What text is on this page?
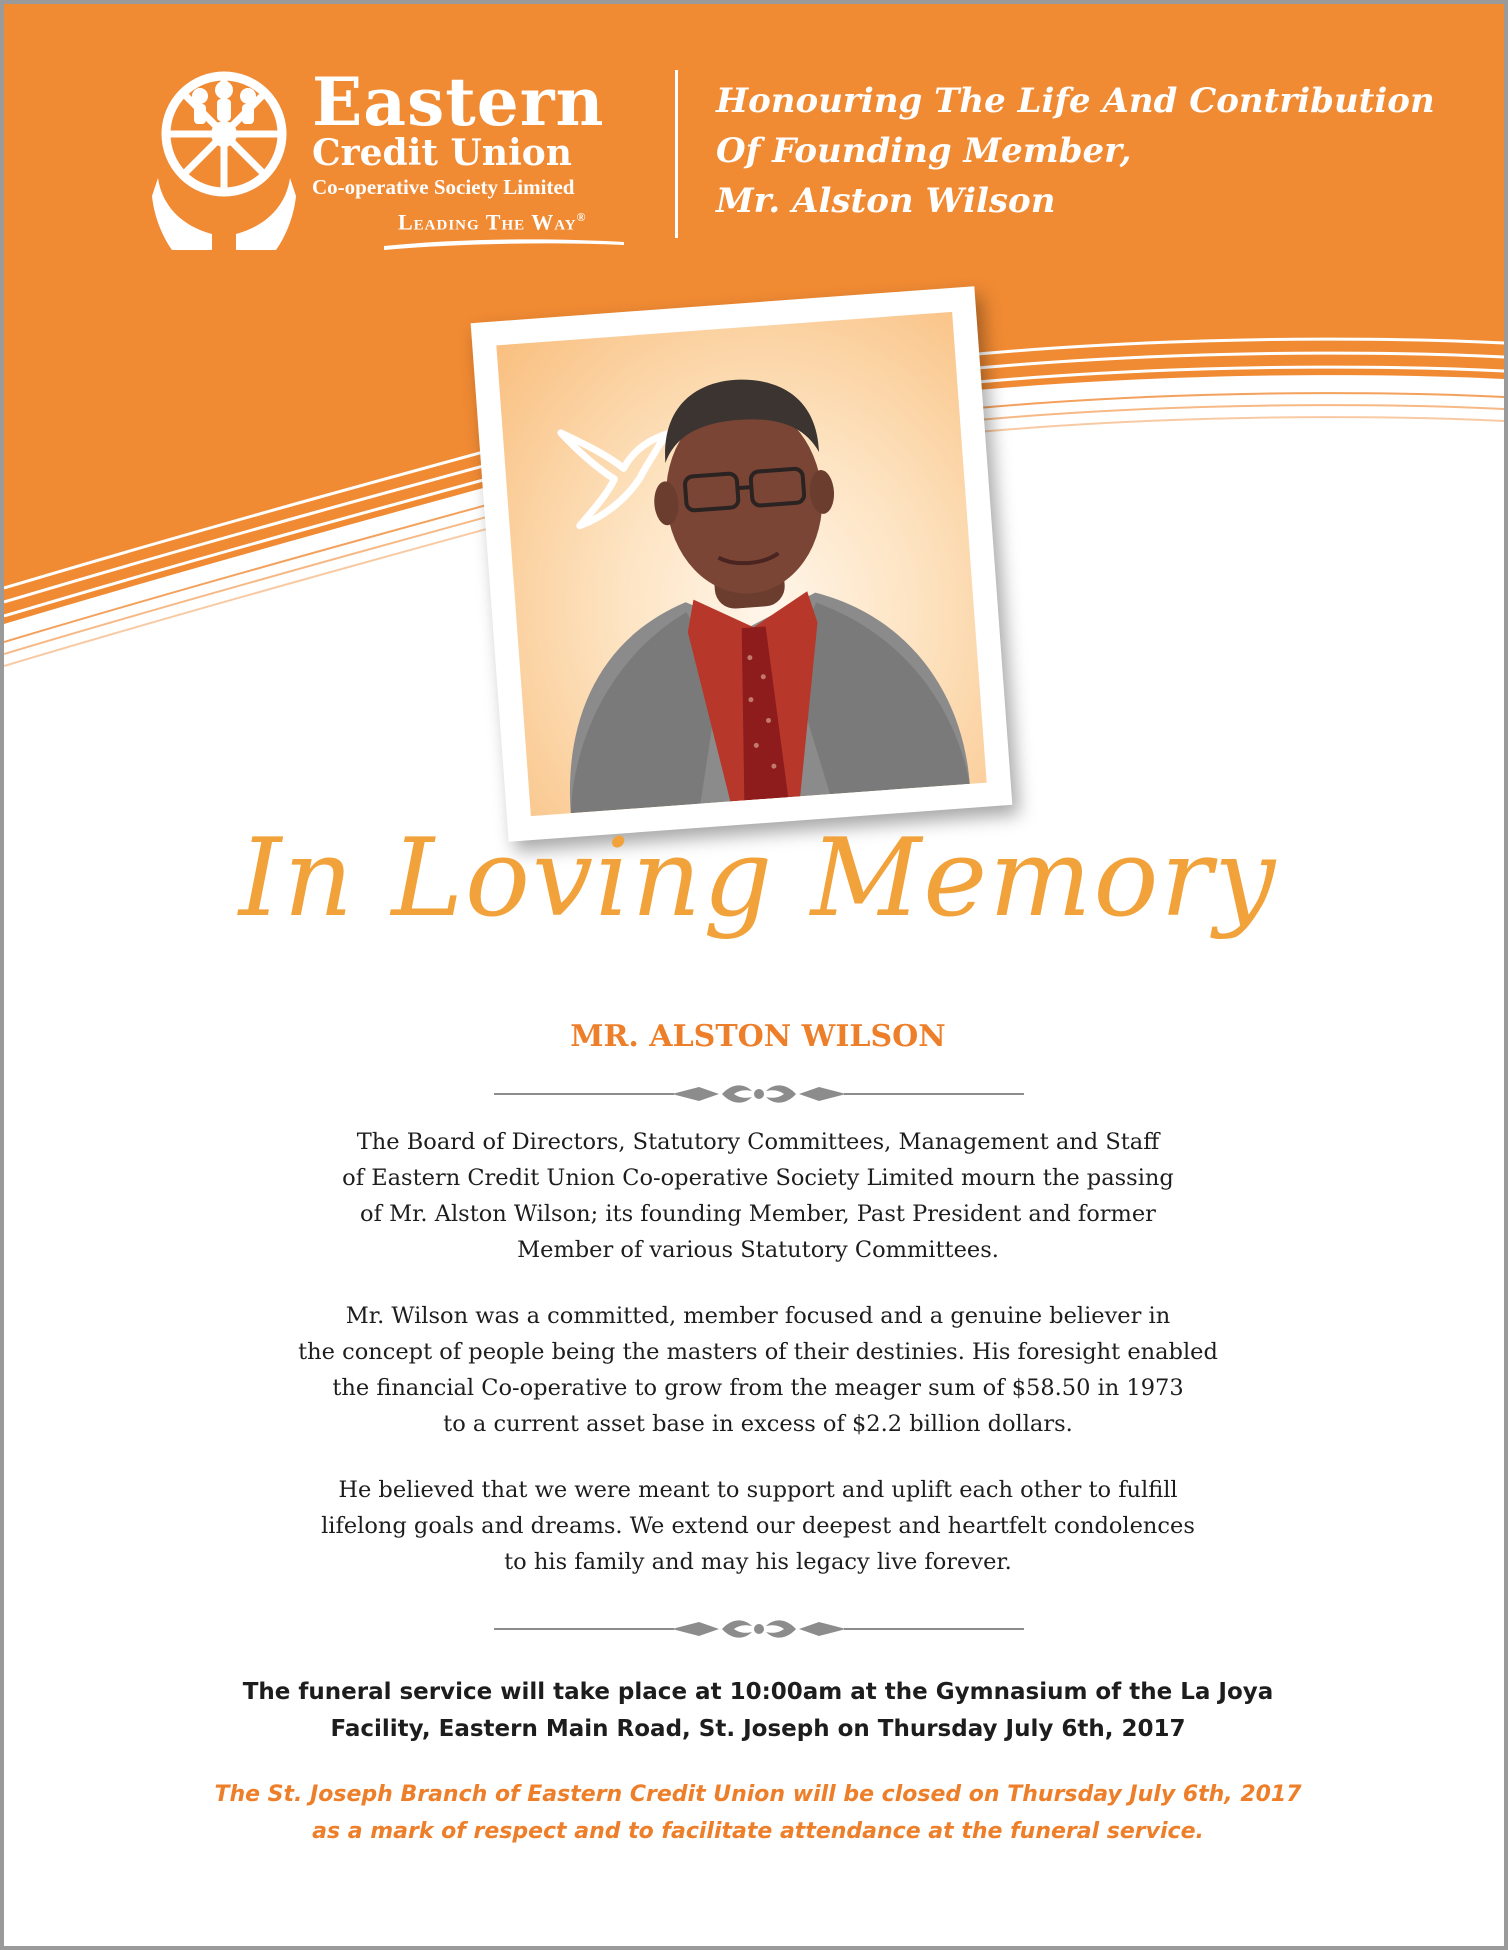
Eastern
Credit Union
Co-operative Society Limited
Leading The Way®
Honouring The Life And Contribution
Of Founding Member,
Mr. Alston Wilson
In Loving Memory
MR. ALSTON WILSON
The Board of Directors, Statutory Committees, Management and Staff
of Eastern Credit Union Co-operative Society Limited mourn the passing
of Mr. Alston Wilson; its founding Member, Past President and former
Member of various Statutory Committees.
Mr. Wilson was a committed, member focused and a genuine believer in
the concept of people being the masters of their destinies. His foresight enabled
the financial Co-operative to grow from the meager sum of $58.50 in 1973
to a current asset base in excess of $2.2 billion dollars.
He believed that we were meant to support and uplift each other to fulfill
lifelong goals and dreams. We extend our deepest and heartfelt condolences
to his family and may his legacy live forever.
The funeral service will take place at 10:00am at the Gymnasium of the La Joya
Facility, Eastern Main Road, St. Joseph on Thursday July 6th, 2017
The St. Joseph Branch of Eastern Credit Union will be closed on Thursday July 6th, 2017
as a mark of respect and to facilitate attendance at the funeral service.
